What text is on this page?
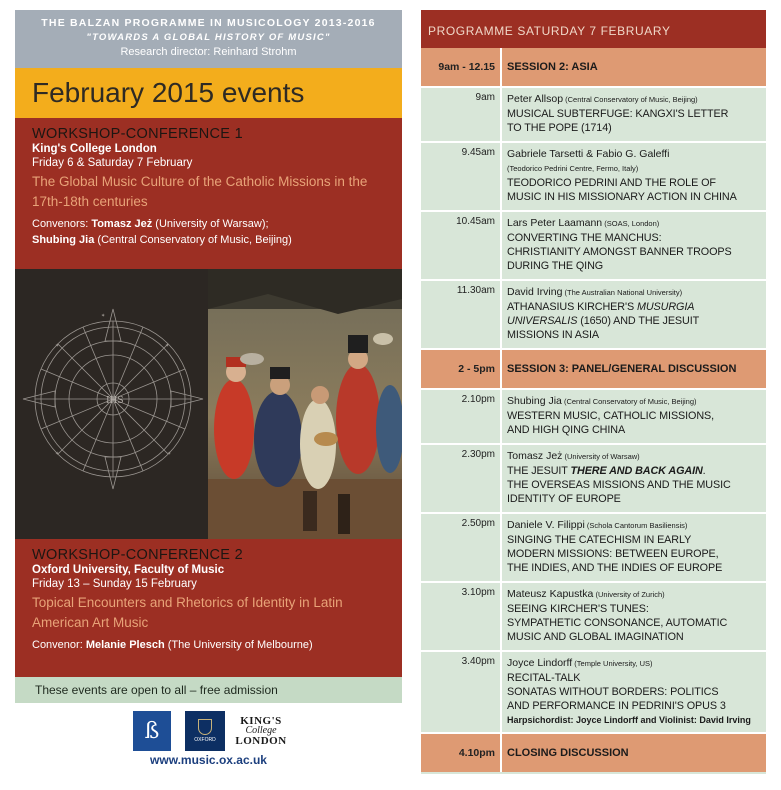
THE BALZAN PROGRAMME IN MUSICOLOGY 2013-2016
"TOWARDS A GLOBAL HISTORY OF MUSIC"
Research director: Reinhard Strohm
February 2015 events
WORKSHOP-CONFERENCE 1
King's College London
Friday 6 & Saturday 7 February
The Global Music Culture of the Catholic Missions in the 17th-18th centuries
Convenors: Tomasz Jeż (University of Warsaw);
Shubing Jia (Central Conservatory of Music, Beijing)
✶
✶
✶
✶	✶
IHS
WORKSHOP-CONFERENCE 2
Oxford University, Faculty of Music
Friday 13 – Sunday 15 February
Topical Encounters and Rhetorics of Identity in Latin American Art Music
Convenor: Melanie Plesch (The University of Melbourne)
These events are open to all – free admission
ß	OXFORD
KING'S
College
LONDON
www.music.ox.ac.uk
PROGRAMME SATURDAY 7 FEBRUARY
9am - 12.15	SESSION 2: ASIA
9am	Peter Allsop (Central Conservatory of Music, Beijing)
MUSICAL SUBTERFUGE: KANGXI'S LETTER
TO THE POPE (1714)
9.45am	Gabriele Tarsetti & Fabio G. Galeffi
(Teodorico Pedrini Centre, Fermo, Italy)
TEODORICO PEDRINI AND THE ROLE OF
MUSIC IN HIS MISSIONARY ACTION IN CHINA
10.45am	Lars Peter Laamann (SOAS, London)
CONVERTING THE MANCHUS:
CHRISTIANITY AMONGST BANNER TROOPS
DURING THE QING
11.30am	David Irving (The Australian National University)
ATHANASIUS KIRCHER'S MUSURGIA
UNIVERSALIS (1650) AND THE JESUIT
MISSIONS IN ASIA
2 - 5pm	SESSION 3: PANEL/GENERAL DISCUSSION
2.10pm	Shubing Jia (Central Conservatory of Music, Beijing)
WESTERN MUSIC, CATHOLIC MISSIONS,
AND HIGH QING CHINA
2.30pm	Tomasz Jeż (University of Warsaw)
THE JESUIT THERE AND BACK AGAIN.
THE OVERSEAS MISSIONS AND THE MUSIC
IDENTITY OF EUROPE
2.50pm	Daniele V. Filippi (Schola Cantorum Basiliensis)
SINGING THE CATECHISM IN EARLY
MODERN MISSIONS: BETWEEN EUROPE,
THE INDIES, AND THE INDIES OF EUROPE
3.10pm	Mateusz Kapustka (University of Zurich)
SEEING KIRCHER'S TUNES:
SYMPATHETIC CONSONANCE, AUTOMATIC
MUSIC AND GLOBAL IMAGINATION
3.40pm	Joyce Lindorff (Temple University, US)
RECITAL-TALK
SONATAS WITHOUT BORDERS: POLITICS
AND PERFORMANCE IN PEDRINI'S OPUS 3
Harpsichordist: Joyce Lindorff and Violinist: David Irving
4.10pm	CLOSING DISCUSSION
